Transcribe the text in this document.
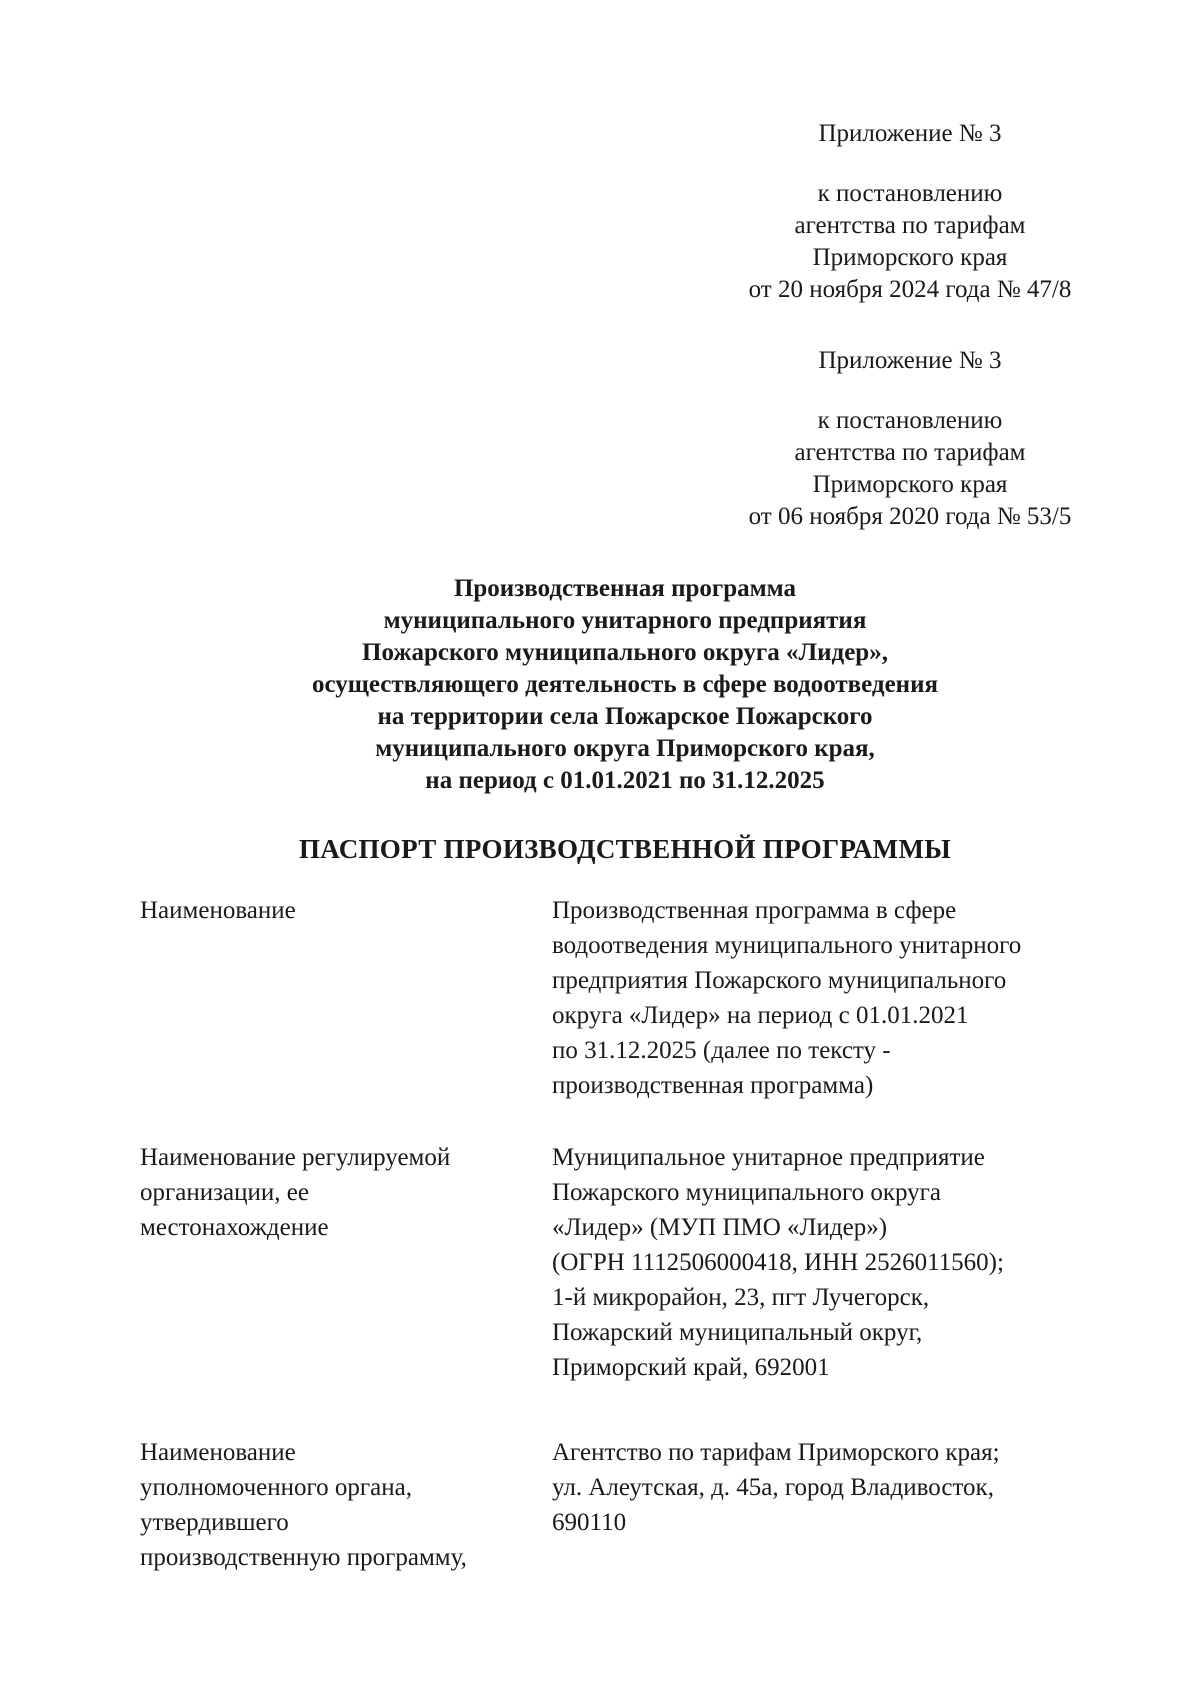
Приложение № 3
к постановлению
агентства по тарифам
Приморского края
от 20 ноября 2024 года № 47/8
Приложение № 3
к постановлению
агентства по тарифам
Приморского края
от 06 ноября 2020 года № 53/5
Производственная программа
муниципального унитарного предприятия
Пожарского муниципального округа «Лидер»,
осуществляющего деятельность в сфере водоотведения
на территории села Пожарское Пожарского
муниципального округа Приморского края,
на период с 01.01.2021 по 31.12.2025
ПАСПОРТ ПРОИЗВОДСТВЕННОЙ ПРОГРАММЫ
Наименование	Производственная программа в сфере
водоотведения муниципального унитарного
предприятия Пожарского муниципального
округа «Лидер» на период с 01.01.2021
по 31.12.2025 (далее по тексту -
производственная программа)
Наименование регулируемой
организации, ее
местонахождение
Муниципальное унитарное предприятие
Пожарского муниципального округа
«Лидер» (МУП ПМО «Лидер»)
(ОГРН 1112506000418, ИНН 2526011560);
1-й микрорайон, 23, пгт Лучегорск,
Пожарский муниципальный округ,
Приморский край, 692001
Наименование
уполномоченного органа,
утвердившего
производственную программу,
Агентство по тарифам Приморского края;
ул. Алеутская, д. 45а, город Владивосток,
690110
